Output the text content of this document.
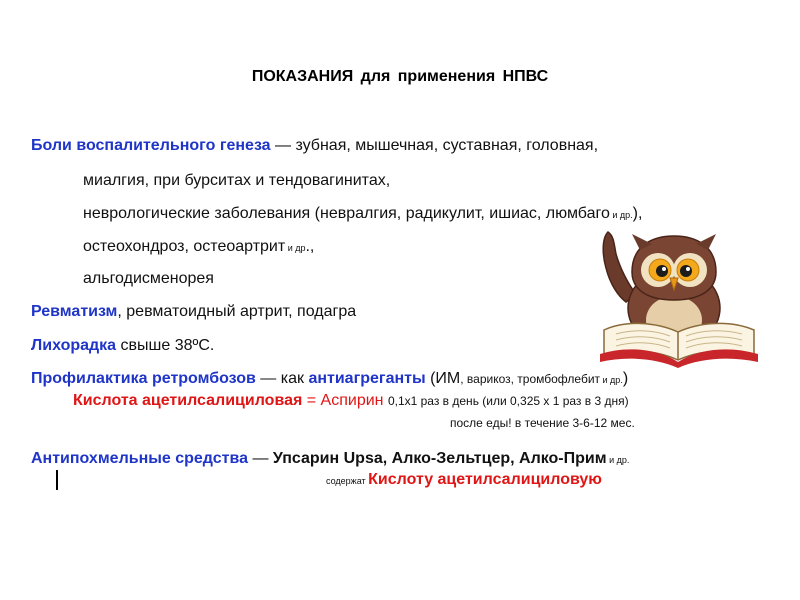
ПОКАЗАНИЯ для применения НПВС
Боли воспалительного генеза — зубная, мышечная, суставная, головная,
миалгия, при бурситах и тендовагинитах,
неврологические заболевания (невралгия, радикулит, ишиас, люмбаго и др.),
остеохондроз, остеоартрит и др.,
альгодисменорея
Ревматизм, ревматоидный артрит, подагра
Лихорадка свыше 38ºС.
Профилактика ретромбозов — как антиагреганты (ИМ, варикоз, тромбофлебит и др.)
Кислота ацетилсалициловая = Аспирин 0,1х1 раз в день (или 0,325 х 1 раз в 3 дня)
после еды! в течение 3-6-12 мес.
Антипохмельные средства — Упсарин Upsa, Алко-Зельтцер, Алко-Прим и др.
содержат Кислоту ацетилсалициловую
